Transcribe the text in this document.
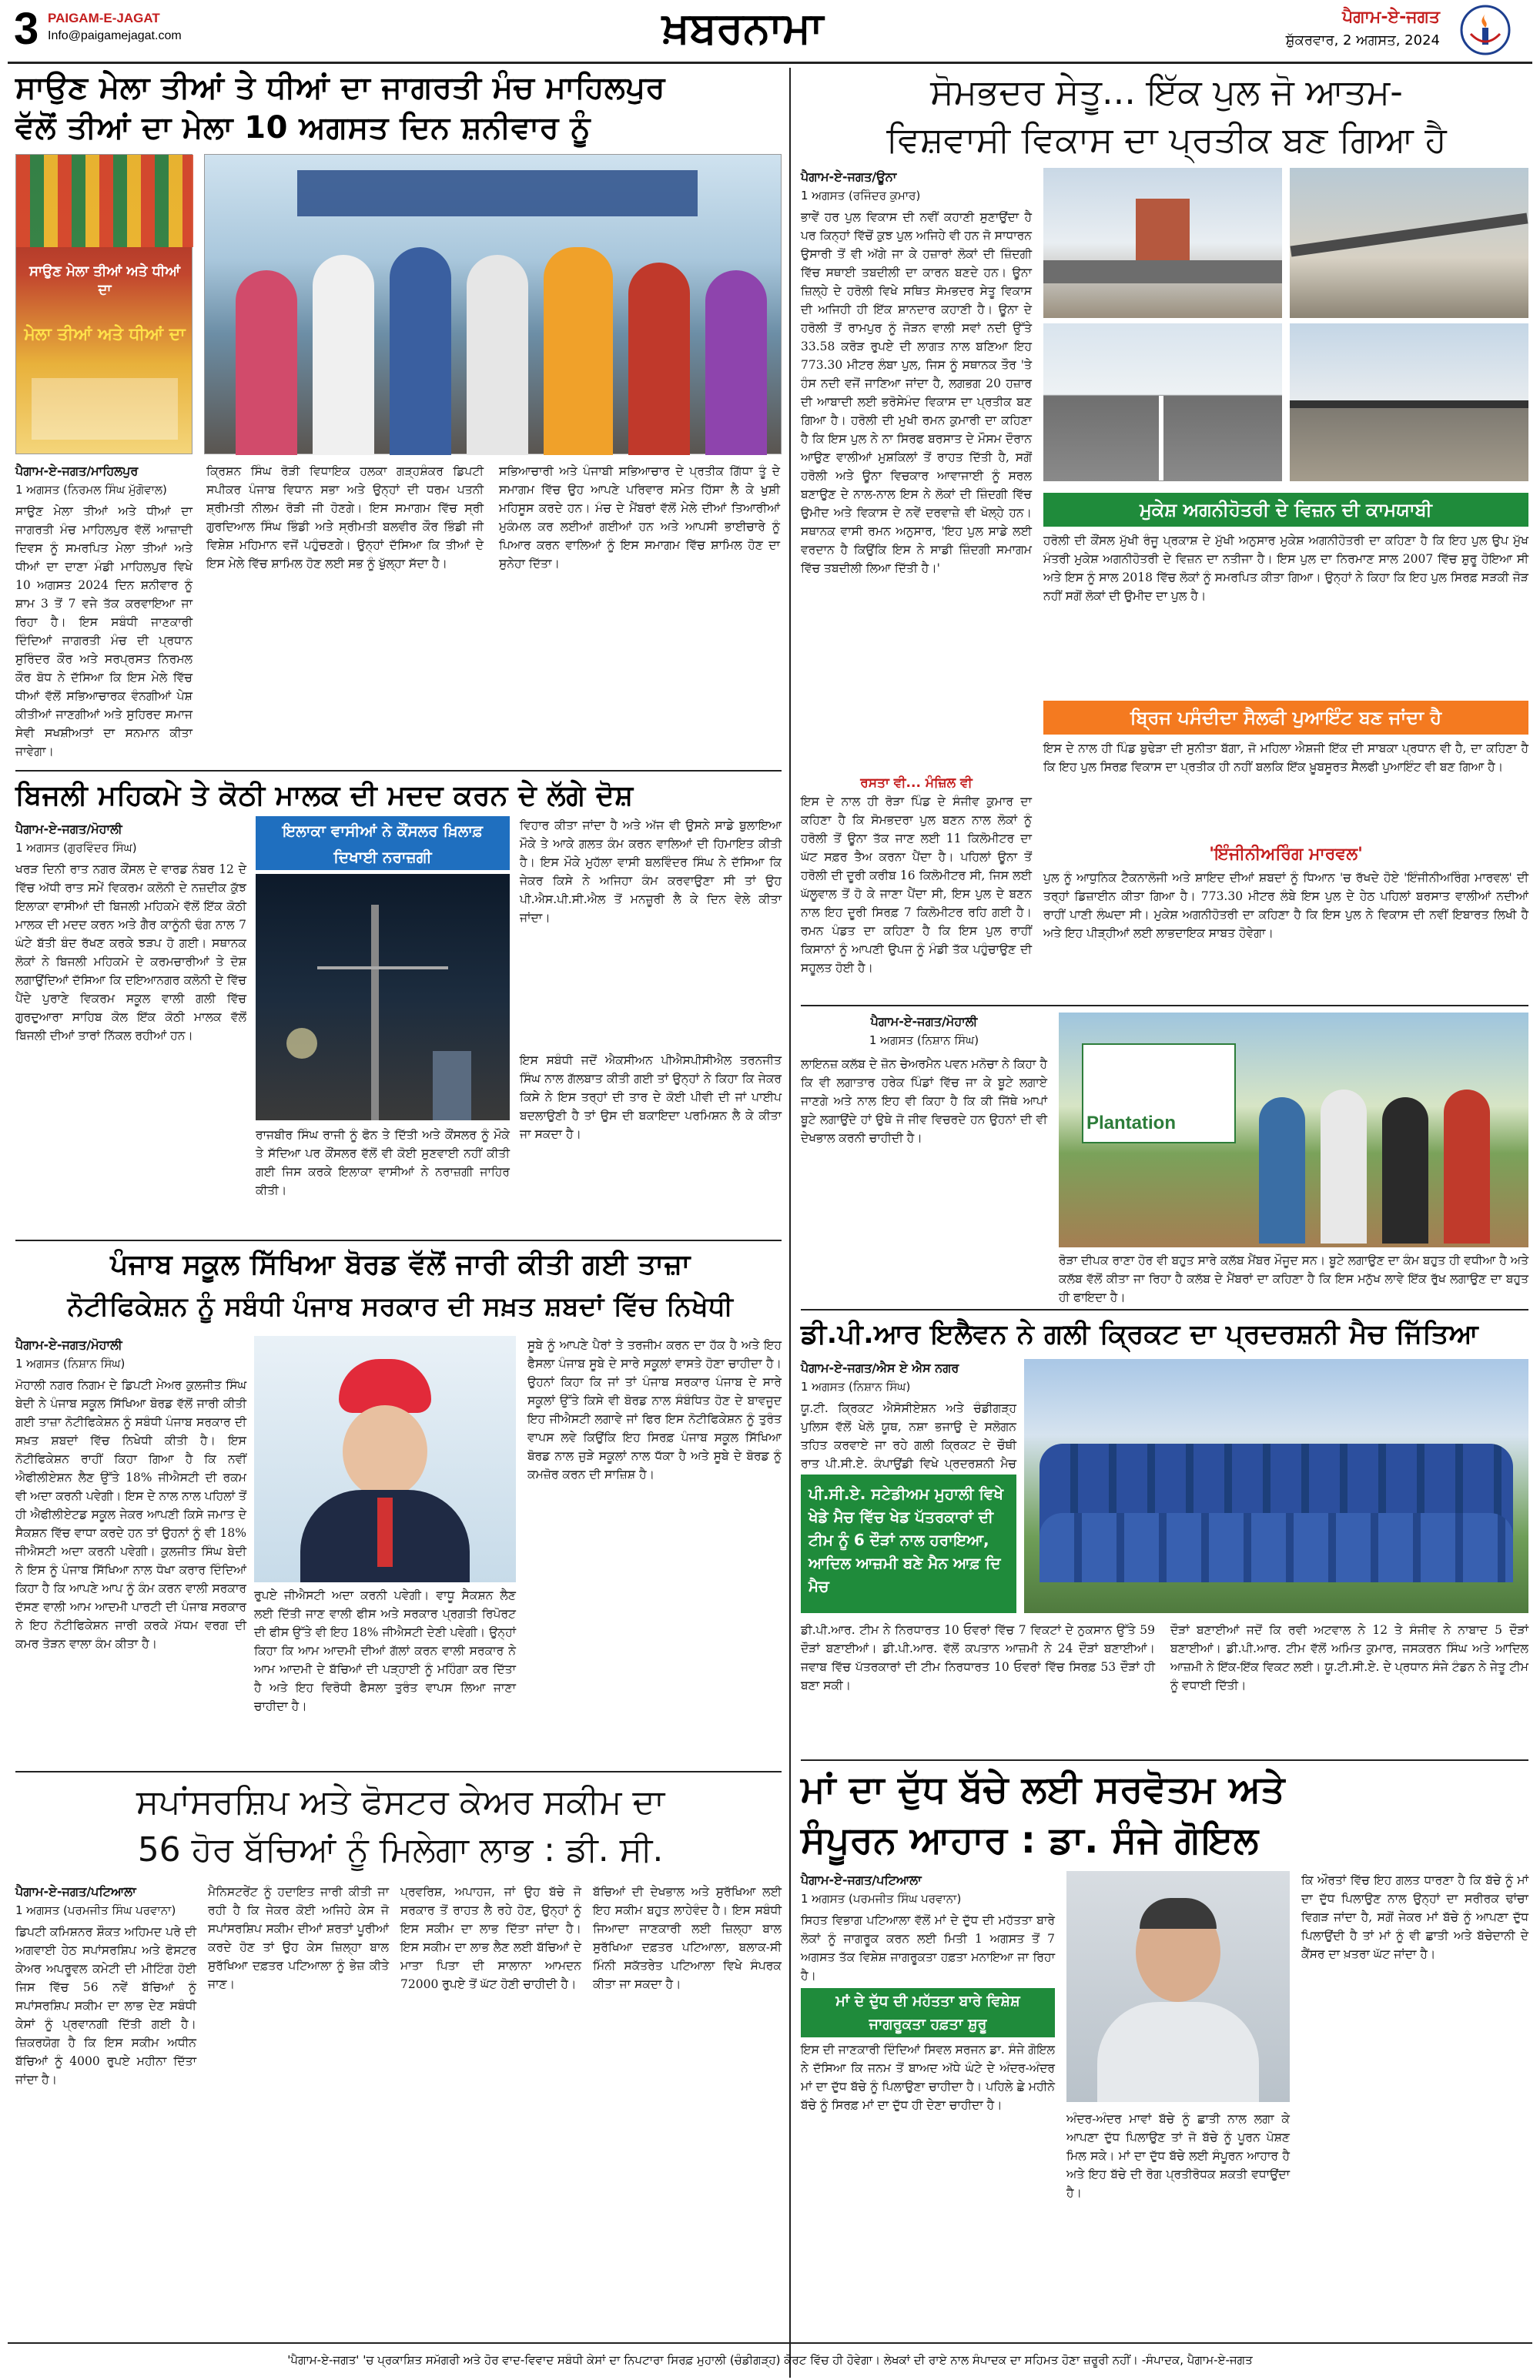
3 PAIGAM-E-JAGAT
Info@paigamejagat.com	ਖ਼ਬਰਨਾਮਾ	ਪੈਗਾਮ-ਏ-ਜਗਤ
ਸ਼ੁੱਕਰਵਾਰ, 2 ਅਗਸਤ, 2024
ਸਾਉਣ ਮੇਲਾ ਤੀਆਂ ਤੇ ਧੀਆਂ ਦਾ ਜਾਗਰਤੀ ਮੰਚ ਮਾਹਿਲਪੁਰ
ਵੱਲੋਂ ਤੀਆਂ ਦਾ ਮੇਲਾ 10 ਅਗਸਤ ਦਿਨ ਸ਼ਨੀਵਾਰ ਨੂੰ
ਸਾਉਣ ਮੇਲਾ ਤੀਆਂ ਅਤੇ ਧੀਆਂ ਦਾ
ਮੇਲਾ ਤੀਆਂ ਅਤੇ ਧੀਆਂ ਦਾ
ਪੈਗਾਮ-ਏ-ਜਗਤ/ਮਾਹਿਲਪੁਰ
1 ਅਗਸਤ (ਨਿਰਮਲ ਸਿੰਘ ਮੁੱਗੋਵਾਲ)
ਸਾਉਣ ਮੇਲਾ ਤੀਆਂ ਅਤੇ ਧੀਆਂ ਦਾ ਜਾਗਰਤੀ ਮੰਚ ਮਾਹਿਲਪੁਰ ਵੱਲੋਂ ਆਜ਼ਾਦੀ ਦਿਵਸ ਨੂੰ ਸਮਰਪਿਤ ਮੇਲਾ ਤੀਆਂ ਅਤੇ ਧੀਆਂ ਦਾ ਦਾਣਾ ਮੰਡੀ ਮਾਹਿਲਪੁਰ ਵਿਖੇ 10 ਅਗਸਤ 2024 ਦਿਨ ਸ਼ਨੀਵਾਰ ਨੂੰ ਸ਼ਾਮ 3 ਤੋਂ 7 ਵਜੇ ਤੱਕ ਕਰਵਾਇਆ ਜਾ ਰਿਹਾ ਹੈ। ਇਸ ਸਬੰਧੀ ਜਾਣਕਾਰੀ ਦਿੰਦਿਆਂ ਜਾਗਰਤੀ ਮੰਚ ਦੀ ਪ੍ਰਧਾਨ ਸੁਰਿੰਦਰ ਕੌਰ ਅਤੇ ਸਰਪ੍ਰਸਤ ਨਿਰਮਲ ਕੌਰ ਬੋਧ ਨੇ ਦੱਸਿਆ ਕਿ ਇਸ ਮੇਲੇ ਵਿੱਚ ਧੀਆਂ ਵੱਲੋਂ ਸਭਿਆਚਾਰਕ ਵੰਨਗੀਆਂ ਪੇਸ਼ ਕੀਤੀਆਂ ਜਾਣਗੀਆਂ ਅਤੇ ਸੁਹਿਰਦ ਸਮਾਜ ਸੇਵੀ ਸਖਸ਼ੀਅਤਾਂ ਦਾ ਸਨਮਾਨ ਕੀਤਾ ਜਾਵੇਗਾ।
ਕ੍ਰਿਸ਼ਨ ਸਿੰਘ ਰੋੜੀ ਵਿਧਾਇਕ ਹਲਕਾ ਗੜ੍ਹਸ਼ੰਕਰ ਡਿਪਟੀ ਸਪੀਕਰ ਪੰਜਾਬ ਵਿਧਾਨ ਸਭਾ ਅਤੇ ਉਨ੍ਹਾਂ ਦੀ ਧਰਮ ਪਤਨੀ ਸ਼੍ਰੀਮਤੀ ਨੀਲਮ ਰੋੜੀ ਜੀ ਹੋਣਗੇ। ਇਸ ਸਮਾਗਮ ਵਿੱਚ ਸ੍ਰੀ ਗੁਰਦਿਆਲ ਸਿੰਘ ਭਿੰਡੀ ਅਤੇ ਸ੍ਰੀਮਤੀ ਬਲਵੀਰ ਕੌਰ ਭਿੰਡੀ ਜੀ ਵਿਸ਼ੇਸ਼ ਮਹਿਮਾਨ ਵਜੋਂ ਪਹੁੰਚਣਗੇ। ਉਨ੍ਹਾਂ ਦੱਸਿਆ ਕਿ ਤੀਆਂ ਦੇ ਇਸ ਮੇਲੇ ਵਿੱਚ ਸ਼ਾਮਿਲ ਹੋਣ ਲਈ ਸਭ ਨੂੰ ਖੁੱਲ੍ਹਾ ਸੱਦਾ ਹੈ।
ਸਭਿਆਚਾਰੀ ਅਤੇ ਪੰਜਾਬੀ ਸਭਿਆਚਾਰ ਦੇ ਪ੍ਰਤੀਕ ਗਿੱਧਾ ਤੂੰ ਦੇ ਸਮਾਗਮ ਵਿੱਚ ਉਹ ਆਪਣੇ ਪਰਿਵਾਰ ਸਮੇਤ ਹਿੱਸਾ ਲੈ ਕੇ ਖੁਸ਼ੀ ਮਹਿਸੂਸ ਕਰਦੇ ਹਨ। ਮੰਚ ਦੇ ਮੈਂਬਰਾਂ ਵੱਲੋਂ ਮੇਲੇ ਦੀਆਂ ਤਿਆਰੀਆਂ ਮੁਕੰਮਲ ਕਰ ਲਈਆਂ ਗਈਆਂ ਹਨ ਅਤੇ ਆਪਸੀ ਭਾਈਚਾਰੇ ਨੂੰ ਪਿਆਰ ਕਰਨ ਵਾਲਿਆਂ ਨੂੰ ਇਸ ਸਮਾਗਮ ਵਿੱਚ ਸ਼ਾਮਿਲ ਹੋਣ ਦਾ ਸੁਨੇਹਾ ਦਿੱਤਾ।
ਸੋਮਭਦਰ ਸੇਤੂ... ਇੱਕ ਪੁਲ ਜੋ ਆਤਮ-
ਵਿਸ਼ਵਾਸੀ ਵਿਕਾਸ ਦਾ ਪ੍ਰਤੀਕ ਬਣ ਗਿਆ ਹੈ
ਪੈਗਾਮ-ਏ-ਜਗਤ/ਊਨਾ
1 ਅਗਸਤ (ਰਜਿੰਦਰ ਕੁਮਾਰ)
ਭਾਵੇਂ ਹਰ ਪੁਲ ਵਿਕਾਸ ਦੀ ਨਵੀਂ ਕਹਾਣੀ ਸੁਣਾਉਂਦਾ ਹੈ ਪਰ ਕਿਨ੍ਹਾਂ ਵਿੱਚੋਂ ਕੁਝ ਪੁਲ ਅਜਿਹੇ ਵੀ ਹਨ ਜੋ ਸਾਧਾਰਨ ਉਸਾਰੀ ਤੋਂ ਵੀ ਅੱਗੇ ਜਾ ਕੇ ਹਜ਼ਾਰਾਂ ਲੋਕਾਂ ਦੀ ਜ਼ਿੰਦਗੀ ਵਿੱਚ ਸਥਾਈ ਤਬਦੀਲੀ ਦਾ ਕਾਰਨ ਬਣਦੇ ਹਨ। ਊਨਾ ਜ਼ਿਲ੍ਹੇ ਦੇ ਹਰੋਲੀ ਵਿਖੇ ਸਥਿਤ ਸੋਮਭਦਰ ਸੇਤੂ ਵਿਕਾਸ ਦੀ ਅਜਿਹੀ ਹੀ ਇੱਕ ਸ਼ਾਨਦਾਰ ਕਹਾਣੀ ਹੈ। ਊਨਾ ਦੇ ਹਰੋਲੀ ਤੋਂ ਰਾਮਪੁਰ ਨੂੰ ਜੋੜਨ ਵਾਲੀ ਸਵਾਂ ਨਦੀ ਉੱਤੇ 33.58 ਕਰੋੜ ਰੁਪਏ ਦੀ ਲਾਗਤ ਨਾਲ ਬਣਿਆ ਇਹ 773.30 ਮੀਟਰ ਲੰਬਾ ਪੁਲ, ਜਿਸ ਨੂੰ ਸਥਾਨਕ ਤੌਰ 'ਤੇ ਹੰਸ ਨਦੀ ਵਜੋਂ ਜਾਣਿਆ ਜਾਂਦਾ ਹੈ, ਲਗਭਗ 20 ਹਜ਼ਾਰ ਦੀ ਆਬਾਦੀ ਲਈ ਭਰੋਸੇਮੰਦ ਵਿਕਾਸ ਦਾ ਪ੍ਰਤੀਕ ਬਣ ਗਿਆ ਹੈ। ਹਰੋਲੀ ਦੀ ਮੁਖੀ ਰਮਨ ਕੁਮਾਰੀ ਦਾ ਕਹਿਣਾ ਹੈ ਕਿ ਇਸ ਪੁਲ ਨੇ ਨਾ ਸਿਰਫ ਬਰਸਾਤ ਦੇ ਮੌਸਮ ਦੌਰਾਨ ਆਉਣ ਵਾਲੀਆਂ ਮੁਸ਼ਕਿਲਾਂ ਤੋਂ ਰਾਹਤ ਦਿੱਤੀ ਹੈ, ਸਗੋਂ ਹਰੋਲੀ ਅਤੇ ਊਨਾ ਵਿਚਕਾਰ ਆਵਾਜਾਈ ਨੂੰ ਸਰਲ ਬਣਾਉਣ ਦੇ ਨਾਲ-ਨਾਲ ਇਸ ਨੇ ਲੋਕਾਂ ਦੀ ਜ਼ਿੰਦਗੀ ਵਿੱਚ ਉਮੀਦ ਅਤੇ ਵਿਕਾਸ ਦੇ ਨਵੇਂ ਦਰਵਾਜ਼ੇ ਵੀ ਖੋਲ੍ਹੇ ਹਨ। ਸਥਾਨਕ ਵਾਸੀ ਰਮਨ ਅਨੁਸਾਰ, 'ਇਹ ਪੁਲ ਸਾਡੇ ਲਈ ਵਰਦਾਨ ਹੈ ਕਿਉਂਕਿ ਇਸ ਨੇ ਸਾਡੀ ਜ਼ਿੰਦਗੀ ਸਮਾਗਮ ਵਿੱਚ ਤਬਦੀਲੀ ਲਿਆ ਦਿੱਤੀ ਹੈ।'
ਮੁਕੇਸ਼ ਅਗਨੀਹੋਤਰੀ ਦੇ ਵਿਜ਼ਨ ਦੀ ਕਾਮਯਾਬੀ
ਹਰੋਲੀ ਦੀ ਕੌਂਸਲ ਮੁੱਖੀ ਰੰਜੂ ਪ੍ਰਕਾਸ਼ ਦੇ ਮੁੱਖੀ ਅਨੁਸਾਰ ਮੁਕੇਸ਼ ਅਗਨੀਹੋਤਰੀ ਦਾ ਕਹਿਣਾ ਹੈ ਕਿ ਇਹ ਪੁਲ ਉਪ ਮੁੱਖ ਮੰਤਰੀ ਮੁਕੇਸ਼ ਅਗਨੀਹੋਤਰੀ ਦੇ ਵਿਜ਼ਨ ਦਾ ਨਤੀਜਾ ਹੈ। ਇਸ ਪੁਲ ਦਾ ਨਿਰਮਾਣ ਸਾਲ 2007 ਵਿੱਚ ਸ਼ੁਰੂ ਹੋਇਆ ਸੀ ਅਤੇ ਇਸ ਨੂੰ ਸਾਲ 2018 ਵਿੱਚ ਲੋਕਾਂ ਨੂੰ ਸਮਰਪਿਤ ਕੀਤਾ ਗਿਆ। ਉਨ੍ਹਾਂ ਨੇ ਕਿਹਾ ਕਿ ਇਹ ਪੁਲ ਸਿਰਫ਼ ਸੜਕੀ ਜੋੜ ਨਹੀਂ ਸਗੋਂ ਲੋਕਾਂ ਦੀ ਉਮੀਦ ਦਾ ਪੁਲ ਹੈ।
ਰਸਤਾ ਵੀ... ਮੰਜ਼ਿਲ ਵੀ
ਇਸ ਦੇ ਨਾਲ ਹੀ ਰੋੜਾ ਪਿੰਡ ਦੇ ਸੰਜੀਵ ਕੁਮਾਰ ਦਾ ਕਹਿਣਾ ਹੈ ਕਿ ਸੋਮਭਦਰਾ ਪੁਲ ਬਣਨ ਨਾਲ ਲੋਕਾਂ ਨੂੰ ਹਰੋਲੀ ਤੋਂ ਊਨਾ ਤੱਕ ਜਾਣ ਲਈ 11 ਕਿਲੋਮੀਟਰ ਦਾ ਘੱਟ ਸਫ਼ਰ ਤੈਅ ਕਰਨਾ ਪੈਂਦਾ ਹੈ। ਪਹਿਲਾਂ ਊਨਾ ਤੋਂ ਹਰੋਲੀ ਦੀ ਦੂਰੀ ਕਰੀਬ 16 ਕਿਲੋਮੀਟਰ ਸੀ, ਜਿਸ ਲਈ ਘੱਲੂਵਾਲ ਤੋਂ ਹੋ ਕੇ ਜਾਣਾ ਪੈਂਦਾ ਸੀ, ਇਸ ਪੁਲ ਦੇ ਬਣਨ ਨਾਲ ਇਹ ਦੂਰੀ ਸਿਰਫ਼ 7 ਕਿਲੋਮੀਟਰ ਰਹਿ ਗਈ ਹੈ। ਰਮਨ ਪੰਡਤ ਦਾ ਕਹਿਣਾ ਹੈ ਕਿ ਇਸ ਪੁਲ ਰਾਹੀਂ ਕਿਸਾਨਾਂ ਨੂੰ ਆਪਣੀ ਉਪਜ ਨੂੰ ਮੰਡੀ ਤੱਕ ਪਹੁੰਚਾਉਣ ਦੀ ਸਹੂਲਤ ਹੋਈ ਹੈ।
ਬ੍ਰਿਜ ਪਸੰਦੀਦਾ ਸੈਲਫੀ ਪੁਆਇੰਟ ਬਣ ਜਾਂਦਾ ਹੈ
ਇਸ ਦੇ ਨਾਲ ਹੀ ਪਿੰਡ ਬੁਢੇੜਾ ਦੀ ਸੁਨੀਤਾ ਬੱਗਾ, ਜੋ ਮਹਿਲਾ ਐਸ਼ਜੀ ਇੱਕ ਦੀ ਸਾਬਕਾ ਪ੍ਰਧਾਨ ਵੀ ਹੈ, ਦਾ ਕਹਿਣਾ ਹੈ ਕਿ ਇਹ ਪੁਲ ਸਿਰਫ਼ ਵਿਕਾਸ ਦਾ ਪ੍ਰਤੀਕ ਹੀ ਨਹੀਂ ਬਲਕਿ ਇੱਕ ਖ਼ੂਬਸੂਰਤ ਸੈਲਫੀ ਪੁਆਇੰਟ ਵੀ ਬਣ ਗਿਆ ਹੈ।
'ਇੰਜੀਨੀਅਰਿੰਗ ਮਾਰਵਲ'
ਪੁਲ ਨੂੰ ਆਧੁਨਿਕ ਟੈਕਨਾਲੋਜੀ ਅਤੇ ਸ਼ਾਇਦ ਦੀਆਂ ਸ਼ਬਦਾਂ ਨੂੰ ਧਿਆਨ 'ਚ ਰੱਖਦੇ ਹੋਏ 'ਇੰਜੀਨੀਅਰਿੰਗ ਮਾਰਵਲ' ਦੀ ਤਰ੍ਹਾਂ ਡਿਜ਼ਾਈਨ ਕੀਤਾ ਗਿਆ ਹੈ। 773.30 ਮੀਟਰ ਲੰਬੇ ਇਸ ਪੁਲ ਦੇ ਹੇਠ ਪਹਿਲਾਂ ਬਰਸਾਤ ਵਾਲੀਆਂ ਨਦੀਆਂ ਰਾਹੀਂ ਪਾਣੀ ਲੰਘਦਾ ਸੀ। ਮੁਕੇਸ਼ ਅਗਨੀਹੋਤਰੀ ਦਾ ਕਹਿਣਾ ਹੈ ਕਿ ਇਸ ਪੁਲ ਨੇ ਵਿਕਾਸ ਦੀ ਨਵੀਂ ਇਬਾਰਤ ਲਿਖੀ ਹੈ ਅਤੇ ਇਹ ਪੀੜ੍ਹੀਆਂ ਲਈ ਲਾਭਦਾਇਕ ਸਾਬਤ ਹੋਵੇਗਾ।
ਬਿਜਲੀ ਮਹਿਕਮੇ ਤੇ ਕੋਠੀ ਮਾਲਕ ਦੀ ਮਦਦ ਕਰਨ ਦੇ ਲੱਗੇ ਦੋਸ਼
ਪੈਗਾਮ-ਏ-ਜਗਤ/ਮੋਹਾਲੀ
1 ਅਗਸਤ (ਗੁਰਵਿੰਦਰ ਸਿੰਘ)
ਖਰੜ ਦਿਨੀ ਰਾਤ ਨਗਰ ਕੌਂਸਲ ਦੇ ਵਾਰਡ ਨੰਬਰ 12 ਦੇ ਵਿੱਚ ਅੱਧੀ ਰਾਤ ਸਮੇਂ ਵਿਕਰਮ ਕਲੋਨੀ ਦੇ ਨਜ਼ਦੀਕ ਕੁੱਝ ਇਲਾਕਾ ਵਾਸੀਆਂ ਦੀ ਬਿਜਲੀ ਮਹਿਕਮੇ ਵੱਲੋਂ ਇੱਕ ਕੋਠੀ ਮਾਲਕ ਦੀ ਮਦਦ ਕਰਨ ਅਤੇ ਗੈਰ ਕਾਨੂੰਨੀ ਢੰਗ ਨਾਲ 7 ਘੰਟੇ ਬੱਤੀ ਬੰਦ ਰੱਖਣ ਕਰਕੇ ਝੜਪ ਹੋ ਗਈ। ਸਥਾਨਕ ਲੋਕਾਂ ਨੇ ਬਿਜਲੀ ਮਹਿਕਮੇ ਦੇ ਕਰਮਚਾਰੀਆਂ ਤੇ ਦੋਸ਼ ਲਗਾਉਂਦਿਆਂ ਦੱਸਿਆ ਕਿ ਦਇਆਨਗਰ ਕਲੋਨੀ ਦੇ ਵਿੱਚ ਪੈਂਦੇ ਪੁਰਾਣੇ ਵਿਕਰਮ ਸਕੂਲ ਵਾਲੀ ਗਲੀ ਵਿੱਚ ਗੁਰਦੁਆਰਾ ਸਾਹਿਬ ਕੋਲ ਇੱਕ ਕੋਠੀ ਮਾਲਕ ਵੱਲੋਂ ਬਿਜਲੀ ਦੀਆਂ ਤਾਰਾਂ ਨਿੱਕਲ ਰਹੀਆਂ ਹਨ।
ਇਲਾਕਾ ਵਾਸੀਆਂ ਨੇ ਕੌਂਸਲਰ ਖ਼ਿਲਾਫ਼ ਦਿਖਾਈ ਨਰਾਜ਼ਗੀ
ਰਾਜਬੀਰ ਸਿੰਘ ਰਾਜੀ ਨੂੰ ਫੋਨ ਤੇ ਦਿੱਤੀ ਅਤੇ ਕੌਂਸਲਰ ਨੂੰ ਮੌਕੇ ਤੇ ਸੱਦਿਆ ਪਰ ਕੌਂਸਲਰ ਵੱਲੋਂ ਵੀ ਕੋਈ ਸੁਣਵਾਈ ਨਹੀਂ ਕੀਤੀ ਗਈ ਜਿਸ ਕਰਕੇ ਇਲਾਕਾ ਵਾਸੀਆਂ ਨੇ ਨਰਾਜ਼ਗੀ ਜਾਹਿਰ ਕੀਤੀ।
ਵਿਹਾਰ ਕੀਤਾ ਜਾਂਦਾ ਹੈ ਅਤੇ ਅੱਜ ਵੀ ਉਸਨੇ ਸਾਡੇ ਬੁਲਾਇਆ ਮੌਕੇ ਤੇ ਆਕੇ ਗਲਤ ਕੰਮ ਕਰਨ ਵਾਲਿਆਂ ਦੀ ਹਿਮਾਇਤ ਕੀਤੀ ਹੈ। ਇਸ ਮੌਕੇ ਮੁਹੱਲਾ ਵਾਸੀ ਬਲਵਿੰਦਰ ਸਿੰਘ ਨੇ ਦੱਸਿਆ ਕਿ ਜੇਕਰ ਕਿਸੇ ਨੇ ਅਜਿਹਾ ਕੰਮ ਕਰਵਾਉਣਾ ਸੀ ਤਾਂ ਉਹ ਪੀ.ਐਸ.ਪੀ.ਸੀ.ਐਲ ਤੋਂ ਮਨਜ਼ੂਰੀ ਲੈ ਕੇ ਦਿਨ ਵੇਲੇ ਕੀਤਾ ਜਾਂਦਾ।
ਇਸ ਸਬੰਧੀ ਜਦੋਂ ਐਕਸੀਅਨ ਪੀਐਸਪੀਸੀਐਲ ਤਰਨਜੀਤ ਸਿੰਘ ਨਾਲ ਗੱਲਬਾਤ ਕੀਤੀ ਗਈ ਤਾਂ ਉਨ੍ਹਾਂ ਨੇ ਕਿਹਾ ਕਿ ਜੇਕਰ ਕਿਸੇ ਨੇ ਇਸ ਤਰ੍ਹਾਂ ਦੀ ਤਾਰ ਦੇ ਕੋਈ ਪੀਵੀ ਦੀ ਜਾਂ ਪਾਈਪ ਬਦਲਾਉਣੀ ਹੈ ਤਾਂ ਉਸ ਦੀ ਬਕਾਇਦਾ ਪਰਮਿਸ਼ਨ ਲੈ ਕੇ ਕੀਤਾ ਜਾ ਸਕਦਾ ਹੈ।
ਪੰਜਾਬ ਸਕੂਲ ਸਿੱਖਿਆ ਬੋਰਡ ਵੱਲੋਂ ਜਾਰੀ ਕੀਤੀ ਗਈ ਤਾਜ਼ਾ
ਨੋਟੀਫਿਕੇਸ਼ਨ ਨੂੰ ਸਬੰਧੀ ਪੰਜਾਬ ਸਰਕਾਰ ਦੀ ਸਖ਼ਤ ਸ਼ਬਦਾਂ ਵਿੱਚ ਨਿਖੇਧੀ
ਪੈਗਾਮ-ਏ-ਜਗਤ/ਮੋਹਾਲੀ
1 ਅਗਸਤ (ਨਿਸ਼ਾਨ ਸਿੰਘ)
ਮੋਹਾਲੀ ਨਗਰ ਨਿਗਮ ਦੇ ਡਿਪਟੀ ਮੇਅਰ ਕੁਲਜੀਤ ਸਿੰਘ ਬੇਦੀ ਨੇ ਪੰਜਾਬ ਸਕੂਲ ਸਿੱਖਿਆ ਬੋਰਡ ਵੱਲੋਂ ਜਾਰੀ ਕੀਤੀ ਗਈ ਤਾਜ਼ਾ ਨੋਟੀਫਿਕੇਸ਼ਨ ਨੂੰ ਸਬੰਧੀ ਪੰਜਾਬ ਸਰਕਾਰ ਦੀ ਸਖ਼ਤ ਸ਼ਬਦਾਂ ਵਿੱਚ ਨਿਖੇਧੀ ਕੀਤੀ ਹੈ। ਇਸ ਨੋਟੀਫਿਕੇਸ਼ਨ ਰਾਹੀਂ ਕਿਹਾ ਗਿਆ ਹੈ ਕਿ ਨਵੀਂ ਐਫੀਲੀਏਸ਼ਨ ਲੈਣ ਉੱਤੇ 18% ਜੀਐਸਟੀ ਦੀ ਰਕਮ ਵੀ ਅਦਾ ਕਰਨੀ ਪਵੇਗੀ। ਇਸ ਦੇ ਨਾਲ ਨਾਲ ਪਹਿਲਾਂ ਤੋਂ ਹੀ ਐਫੀਲੀਏਟਡ ਸਕੂਲ ਜੇਕਰ ਆਪਣੀ ਕਿਸੇ ਜਮਾਤ ਦੇ ਸੈਕਸ਼ਨ ਵਿੱਚ ਵਾਧਾ ਕਰਦੇ ਹਨ ਤਾਂ ਉਹਨਾਂ ਨੂੰ ਵੀ 18% ਜੀਐਸਟੀ ਅਦਾ ਕਰਨੀ ਪਵੇਗੀ। ਕੁਲਜੀਤ ਸਿੰਘ ਬੇਦੀ ਨੇ ਇਸ ਨੂੰ ਪੰਜਾਬ ਸਿੱਖਿਆ ਨਾਲ ਧੋਖਾ ਕਰਾਰ ਦਿੰਦਿਆਂ ਕਿਹਾ ਹੈ ਕਿ ਆਪਣੇ ਆਪ ਨੂੰ ਕੰਮ ਕਰਨ ਵਾਲੀ ਸਰਕਾਰ ਦੱਸਣ ਵਾਲੀ ਆਮ ਆਦਮੀ ਪਾਰਟੀ ਦੀ ਪੰਜਾਬ ਸਰਕਾਰ ਨੇ ਇਹ ਨੋਟੀਫਿਕੇਸ਼ਨ ਜਾਰੀ ਕਰਕੇ ਮੱਧਮ ਵਰਗ ਦੀ ਕਮਰ ਤੋੜਨ ਵਾਲਾ ਕੰਮ ਕੀਤਾ ਹੈ।
ਰੁਪਏ ਜੀਐਸਟੀ ਅਦਾ ਕਰਨੀ ਪਵੇਗੀ। ਵਾਧੂ ਸੈਕਸ਼ਨ ਲੈਣ ਲਈ ਦਿੱਤੀ ਜਾਣ ਵਾਲੀ ਫੀਸ ਅਤੇ ਸਰਕਾਰ ਪ੍ਰਗਤੀ ਰਿਪੋਰਟ ਦੀ ਫੀਸ ਉੱਤੇ ਵੀ ਇਹ 18% ਜੀਐਸਟੀ ਦੇਣੀ ਪਵੇਗੀ। ਉਨ੍ਹਾਂ ਕਿਹਾ ਕਿ ਆਮ ਆਦਮੀ ਦੀਆਂ ਗੱਲਾਂ ਕਰਨ ਵਾਲੀ ਸਰਕਾਰ ਨੇ ਆਮ ਆਦਮੀ ਦੇ ਬੱਚਿਆਂ ਦੀ ਪੜ੍ਹਾਈ ਨੂੰ ਮਹਿੰਗਾ ਕਰ ਦਿੱਤਾ ਹੈ ਅਤੇ ਇਹ ਵਿਰੋਧੀ ਫੈਸਲਾ ਤੁਰੰਤ ਵਾਪਸ ਲਿਆ ਜਾਣਾ ਚਾਹੀਦਾ ਹੈ।
ਸੂਬੇ ਨੂੰ ਆਪਣੇ ਪੈਰਾਂ ਤੇ ਤਰਜੀਮ ਕਰਨ ਦਾ ਹੱਕ ਹੈ ਅਤੇ ਇਹ ਫੈਸਲਾ ਪੰਜਾਬ ਸੂਬੇ ਦੇ ਸਾਰੇ ਸਕੂਲਾਂ ਵਾਸਤੇ ਹੋਣਾ ਚਾਹੀਦਾ ਹੈ। ਉਹਨਾਂ ਕਿਹਾ ਕਿ ਜਾਂ ਤਾਂ ਪੰਜਾਬ ਸਰਕਾਰ ਪੰਜਾਬ ਦੇ ਸਾਰੇ ਸਕੂਲਾਂ ਉੱਤੇ ਕਿਸੇ ਵੀ ਬੋਰਡ ਨਾਲ ਸੰਬੰਧਿਤ ਹੋਣ ਦੇ ਬਾਵਜੂਦ ਇਹ ਜੀਐਸਟੀ ਲਗਾਵੇ ਜਾਂ ਫਿਰ ਇਸ ਨੋਟੀਫਿਕੇਸ਼ਨ ਨੂੰ ਤੁਰੰਤ ਵਾਪਸ ਲਵੇ ਕਿਉਂਕਿ ਇਹ ਸਿਰਫ਼ ਪੰਜਾਬ ਸਕੂਲ ਸਿੱਖਿਆ ਬੋਰਡ ਨਾਲ ਜੁੜੇ ਸਕੂਲਾਂ ਨਾਲ ਧੱਕਾ ਹੈ ਅਤੇ ਸੂਬੇ ਦੇ ਬੋਰਡ ਨੂੰ ਕਮਜ਼ੋਰ ਕਰਨ ਦੀ ਸਾਜ਼ਿਸ਼ ਹੈ।
ਸਪਾਂਸਰਸ਼ਿਪ ਅਤੇ ਫੋਸਟਰ ਕੇਅਰ ਸਕੀਮ ਦਾ
56 ਹੋਰ ਬੱਚਿਆਂ ਨੂੰ ਮਿਲੇਗਾ ਲਾਭ : ਡੀ. ਸੀ.
ਪੈਗਾਮ-ਏ-ਜਗਤ/ਪਟਿਆਲਾ
1 ਅਗਸਤ (ਪਰਮਜੀਤ ਸਿੰਘ ਪਰਵਾਨਾ)
ਡਿਪਟੀ ਕਮਿਸ਼ਨਰ ਸ਼ੌਕਤ ਅਹਿਮਦ ਪਰੇ ਦੀ ਅਗਵਾਈ ਹੇਠ ਸਪਾਂਸਰਸ਼ਿਪ ਅਤੇ ਫੋਸਟਰ ਕੇਅਰ ਅਪਰੂਵਲ ਕਮੇਟੀ ਦੀ ਮੀਟਿੰਗ ਹੋਈ ਜਿਸ ਵਿੱਚ 56 ਨਵੇਂ ਬੱਚਿਆਂ ਨੂੰ ਸਪਾਂਸਰਸ਼ਿਪ ਸਕੀਮ ਦਾ ਲਾਭ ਦੇਣ ਸਬੰਧੀ ਕੇਸਾਂ ਨੂੰ ਪ੍ਰਵਾਨਗੀ ਦਿੱਤੀ ਗਈ ਹੈ। ਜ਼ਿਕਰਯੋਗ ਹੈ ਕਿ ਇਸ ਸਕੀਮ ਅਧੀਨ ਬੱਚਿਆਂ ਨੂੰ 4000 ਰੁਪਏ ਮਹੀਨਾ ਦਿੱਤਾ ਜਾਂਦਾ ਹੈ।
ਮੈਨਿਸਟਰੇਂਟ ਨੂੰ ਹਦਾਇਤ ਜਾਰੀ ਕੀਤੀ ਜਾ ਰਹੀ ਹੈ ਕਿ ਜੇਕਰ ਕੋਈ ਅਜਿਹੇ ਕੇਸ ਜੋ ਸਪਾਂਸਰਸ਼ਿਪ ਸਕੀਮ ਦੀਆਂ ਸ਼ਰਤਾਂ ਪੂਰੀਆਂ ਕਰਦੇ ਹੋਣ ਤਾਂ ਉਹ ਕੇਸ ਜ਼ਿਲ੍ਹਾ ਬਾਲ ਸੁਰੱਖਿਆ ਦਫ਼ਤਰ ਪਟਿਆਲਾ ਨੂੰ ਭੇਜ਼ ਕੀਤੇ ਜਾਣ।
ਪ੍ਰਵਰਿਸ਼, ਅਪਾਹਜ, ਜਾਂ ਉਹ ਬੱਚੇ ਜੋ ਸਰਕਾਰ ਤੋਂ ਰਾਹਤ ਲੈ ਰਹੇ ਹੋਣ, ਉਨ੍ਹਾਂ ਨੂੰ ਇਸ ਸਕੀਮ ਦਾ ਲਾਭ ਦਿੱਤਾ ਜਾਂਦਾ ਹੈ। ਇਸ ਸਕੀਮ ਦਾ ਲਾਭ ਲੈਣ ਲਈ ਬੱਚਿਆਂ ਦੇ ਮਾਤਾ ਪਿਤਾ ਦੀ ਸਾਲਾਨਾ ਆਮਦਨ 72000 ਰੁਪਏ ਤੋਂ ਘੱਟ ਹੋਣੀ ਚਾਹੀਦੀ ਹੈ।
ਬੱਚਿਆਂ ਦੀ ਦੇਖਭਾਲ ਅਤੇ ਸੁਰੱਖਿਆ ਲਈ ਇਹ ਸਕੀਮ ਬਹੁਤ ਲਾਹੇਵੰਦ ਹੈ। ਇਸ ਸਬੰਧੀ ਜਿਆਦਾ ਜਾਣਕਾਰੀ ਲਈ ਜ਼ਿਲ੍ਹਾ ਬਾਲ ਸੁਰੱਖਿਆ ਦਫ਼ਤਰ ਪਟਿਆਲਾ, ਬਲਾਕ-ਸੀ ਮਿੰਨੀ ਸਕੱਤਰੇਤ ਪਟਿਆਲਾ ਵਿਖੇ ਸੰਪਰਕ ਕੀਤਾ ਜਾ ਸਕਦਾ ਹੈ।
ਪੈਗਾਮ-ਏ-ਜਗਤ/ਮੋਹਾਲੀ
1 ਅਗਸਤ (ਨਿਸ਼ਾਨ ਸਿੰਘ)
ਲਾਇਨਜ਼ ਕਲੱਬ ਦੇ ਜ਼ੋਨ ਚੇਅਰਮੈਨ ਪਵਨ ਮਨੋਚਾ ਨੇ ਕਿਹਾ ਹੈ ਕਿ ਵੀ ਲਗਾਤਾਰ ਹਰੇਕ ਪਿੰਡਾਂ ਵਿੱਚ ਜਾ ਕੇ ਬੂਟੇ ਲਗਾਏ ਜਾਣਗੇ ਅਤੇ ਨਾਲ ਇਹ ਵੀ ਕਿਹਾ ਹੈ ਕਿ ਕੀ ਜਿੱਥੇ ਆਪਾਂ ਬੂਟੇ ਲਗਾਉਂਦੇ ਹਾਂ ਉਥੇ ਜੋ ਜੀਵ ਵਿਚਰਦੇ ਹਨ ਉਹਨਾਂ ਦੀ ਵੀ ਦੇਖਭਾਲ ਕਰਨੀ ਚਾਹੀਦੀ ਹੈ।
Plantation
ਰੋੜਾ ਦੀਪਕ ਰਾਣਾ ਹੋਰ ਵੀ ਬਹੁਤ ਸਾਰੇ ਕਲੱਬ ਮੈਂਬਰ ਮੌਜੂਦ ਸਨ। ਬੂਟੇ ਲਗਾਉਣ ਦਾ ਕੰਮ ਬਹੁਤ ਹੀ ਵਧੀਆ ਹੈ ਅਤੇ ਕਲੱਬ ਵੱਲੋਂ ਕੀਤਾ ਜਾ ਰਿਹਾ ਹੈ ਕਲੱਬ ਦੇ ਮੈਂਬਰਾਂ ਦਾ ਕਹਿਣਾ ਹੈ ਕਿ ਇਸ ਮਨੁੱਖ ਲਾਵੇ ਇੱਕ ਰੁੱਖ ਲਗਾਉਣ ਦਾ ਬਹੁਤ ਹੀ ਫਾਇਦਾ ਹੈ।
ਡੀ.ਪੀ.ਆਰ ਇਲੈਵਨ ਨੇ ਗਲੀ ਕ੍ਰਿਕਟ ਦਾ ਪ੍ਰਦਰਸ਼ਨੀ ਮੈਚ ਜਿੱਤਿਆ
ਪੈਗਾਮ-ਏ-ਜਗਤ/ਐਸ ਏ ਐਸ ਨਗਰ
1 ਅਗਸਤ (ਨਿਸ਼ਾਨ ਸਿੰਘ)
ਯੂ.ਟੀ. ਕ੍ਰਿਕਟ ਐਸੋਸੀਏਸ਼ਨ ਅਤੇ ਚੰਡੀਗੜ੍ਹ ਪੁਲਿਸ ਵੱਲੋਂ ਖੇਲੋ ਯੂਥ, ਨਸ਼ਾ ਭਜਾਉ ਦੇ ਸਲੋਗਨ ਤਹਿਤ ਕਰਵਾਏ ਜਾ ਰਹੇ ਗਲੀ ਕ੍ਰਿਕਟ ਦੇ ਚੌਥੀ ਰਾਤ ਪੀ.ਸੀ.ਏ. ਕੰਪਾਉਂਡੀ ਵਿਖੇ ਪ੍ਰਦਰਸ਼ਨੀ ਮੈਚ
ਪੀ.ਸੀ.ਏ. ਸਟੇਡੀਅਮ ਮੁਹਾਲੀ ਵਿਖੇ ਖੇਡੇ ਮੈਚ ਵਿੱਚ ਖੇਡ ਪੱਤਰਕਾਰਾਂ ਦੀ ਟੀਮ ਨੂੰ 6 ਦੌੜਾਂ ਨਾਲ ਹਰਾਇਆ, ਆਦਿਲ ਆਜ਼ਮੀ ਬਣੇ ਮੈਨ ਆਫ਼ ਦਿ ਮੈਚ
ਡੀ.ਪੀ.ਆਰ. ਟੀਮ ਨੇ ਨਿਰਧਾਰਤ 10 ਓਵਰਾਂ ਵਿੱਚ 7 ਵਿਕਟਾਂ ਦੇ ਨੁਕਸਾਨ ਉੱਤੇ 59 ਦੌੜਾਂ ਬਣਾਈਆਂ। ਡੀ.ਪੀ.ਆਰ. ਵੱਲੋਂ ਕਪਤਾਨ ਆਜ਼ਮੀ ਨੇ 24 ਦੌੜਾਂ ਬਣਾਈਆਂ। ਜਵਾਬ ਵਿੱਚ ਪੱਤਰਕਾਰਾਂ ਦੀ ਟੀਮ ਨਿਰਧਾਰਤ 10 ਓਵਰਾਂ ਵਿੱਚ ਸਿਰਫ਼ 53 ਦੌੜਾਂ ਹੀ ਬਣਾ ਸਕੀ।
ਦੌੜਾਂ ਬਣਾਈਆਂ ਜਦੋਂ ਕਿ ਰਵੀ ਅਟਵਾਲ ਨੇ 12 ਤੇ ਸੰਜੀਵ ਨੇ ਨਾਬਾਦ 5 ਦੌੜਾਂ ਬਣਾਈਆਂ। ਡੀ.ਪੀ.ਆਰ. ਟੀਮ ਵੱਲੋਂ ਅਮਿਤ ਕੁਮਾਰ, ਜਸਕਰਨ ਸਿੰਘ ਅਤੇ ਆਦਿਲ ਆਜ਼ਮੀ ਨੇ ਇੱਕ-ਇੱਕ ਵਿਕਟ ਲਈ। ਯੂ.ਟੀ.ਸੀ.ਏ. ਦੇ ਪ੍ਰਧਾਨ ਸੰਜੇ ਟੰਡਨ ਨੇ ਜੇਤੂ ਟੀਮ ਨੂੰ ਵਧਾਈ ਦਿੱਤੀ।
ਮਾਂ ਦਾ ਦੁੱਧ ਬੱਚੇ ਲਈ ਸਰਵੋਤਮ ਅਤੇ
ਸੰਪੂਰਨ ਆਹਾਰ : ਡਾ. ਸੰਜੇ ਗੋਇਲ
ਪੈਗਾਮ-ਏ-ਜਗਤ/ਪਟਿਆਲਾ
1 ਅਗਸਤ (ਪਰਮਜੀਤ ਸਿੰਘ ਪਰਵਾਨਾ)
ਸਿਹਤ ਵਿਭਾਗ ਪਟਿਆਲਾ ਵੱਲੋਂ ਮਾਂ ਦੇ ਦੁੱਧ ਦੀ ਮਹੱਤਤਾ ਬਾਰੇ ਲੋਕਾਂ ਨੂੰ ਜਾਗਰੂਕ ਕਰਨ ਲਈ ਮਿਤੀ 1 ਅਗਸਤ ਤੋਂ 7 ਅਗਸਤ ਤੱਕ ਵਿਸ਼ੇਸ਼ ਜਾਗਰੂਕਤਾ ਹਫ਼ਤਾ ਮਨਾਇਆ ਜਾ ਰਿਹਾ ਹੈ।
ਮਾਂ ਦੇ ਦੁੱਧ ਦੀ ਮਹੱਤਤਾ ਬਾਰੇ ਵਿਸ਼ੇਸ਼ ਜਾਗਰੂਕਤਾ ਹਫ਼ਤਾ ਸ਼ੁਰੂ
ਇਸ ਦੀ ਜਾਣਕਾਰੀ ਦਿੰਦਿਆਂ ਸਿਵਲ ਸਰਜਨ ਡਾ. ਸੰਜੇ ਗੋਇਲ ਨੇ ਦੱਸਿਆ ਕਿ ਜਨਮ ਤੋਂ ਬਾਅਦ ਅੱਧੇ ਘੰਟੇ ਦੇ ਅੰਦਰ-ਅੰਦਰ ਮਾਂ ਦਾ ਦੁੱਧ ਬੱਚੇ ਨੂੰ ਪਿਲਾਉਣਾ ਚਾਹੀਦਾ ਹੈ। ਪਹਿਲੇ ਛੇ ਮਹੀਨੇ ਬੱਚੇ ਨੂੰ ਸਿਰਫ਼ ਮਾਂ ਦਾ ਦੁੱਧ ਹੀ ਦੇਣਾ ਚਾਹੀਦਾ ਹੈ।
ਅੰਦਰ-ਅੰਦਰ ਮਾਵਾਂ ਬੱਚੇ ਨੂੰ ਛਾਤੀ ਨਾਲ ਲਗਾ ਕੇ ਆਪਣਾ ਦੁੱਧ ਪਿਲਾਉਣ ਤਾਂ ਜੋ ਬੱਚੇ ਨੂੰ ਪੂਰਨ ਪੋਸ਼ਣ ਮਿਲ ਸਕੇ। ਮਾਂ ਦਾ ਦੁੱਧ ਬੱਚੇ ਲਈ ਸੰਪੂਰਨ ਆਹਾਰ ਹੈ ਅਤੇ ਇਹ ਬੱਚੇ ਦੀ ਰੋਗ ਪ੍ਰਤੀਰੋਧਕ ਸ਼ਕਤੀ ਵਧਾਉਂਦਾ ਹੈ।
ਕਿ ਔਰਤਾਂ ਵਿੱਚ ਇਹ ਗਲਤ ਧਾਰਣਾ ਹੈ ਕਿ ਬੱਚੇ ਨੂੰ ਮਾਂ ਦਾ ਦੁੱਧ ਪਿਲਾਉਣ ਨਾਲ ਉਨ੍ਹਾਂ ਦਾ ਸਰੀਰਕ ਢਾਂਚਾ ਵਿਗੜ ਜਾਂਦਾ ਹੈ, ਸਗੋਂ ਜੇਕਰ ਮਾਂ ਬੱਚੇ ਨੂੰ ਆਪਣਾ ਦੁੱਧ ਪਿਲਾਉਂਦੀ ਹੈ ਤਾਂ ਮਾਂ ਨੂੰ ਵੀ ਛਾਤੀ ਅਤੇ ਬੱਚੇਦਾਨੀ ਦੇ ਕੈਂਸਰ ਦਾ ਖ਼ਤਰਾ ਘੱਟ ਜਾਂਦਾ ਹੈ।
'ਪੈਗਾਮ-ਏ-ਜਗਤ' 'ਚ ਪ੍ਰਕਾਸ਼ਿਤ ਸਮੱਗਰੀ ਅਤੇ ਹੋਰ ਵਾਦ-ਵਿਵਾਦ ਸਬੰਧੀ ਕੇਸਾਂ ਦਾ ਨਿਪਟਾਰਾ ਸਿਰਫ਼ ਮੁਹਾਲੀ (ਚੰਡੀਗੜ੍ਹ) ਕੋਰਟ ਵਿੱਚ ਹੀ ਹੋਵੇਗਾ। ਲੇਖਕਾਂ ਦੀ ਰਾਏ ਨਾਲ ਸੰਪਾਦਕ ਦਾ ਸਹਿਮਤ ਹੋਣਾ ਜ਼ਰੂਰੀ ਨਹੀਂ। -ਸੰਪਾਦਕ, ਪੈਗਾਮ-ਏ-ਜਗਤ
